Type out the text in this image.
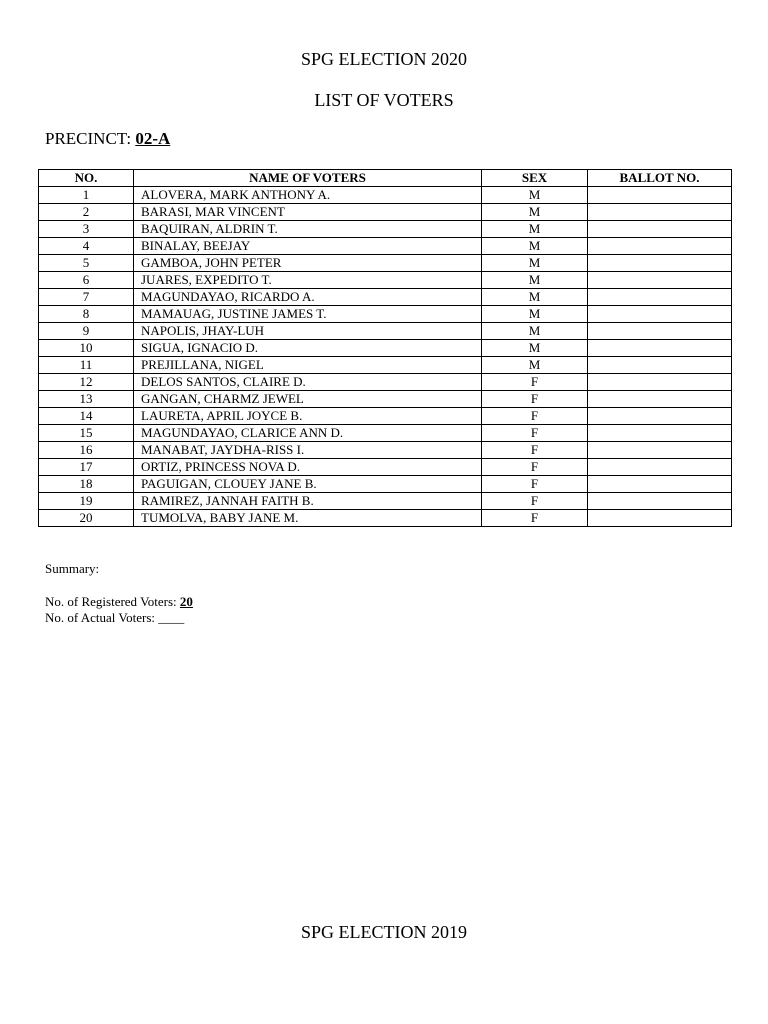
SPG ELECTION 2020
LIST OF VOTERS
PRECINCT: 02-A
NO.	NAME OF VOTERS	SEX	BALLOT NO.
1	ALOVERA, MARK ANTHONY A.	M	
2	BARASI, MAR VINCENT	M	
3	BAQUIRAN, ALDRIN T.	M	
4	BINALAY, BEEJAY	M	
5	GAMBOA, JOHN PETER	M	
6	JUARES, EXPEDITO T.	M	
7	MAGUNDAYAO, RICARDO A.	M	
8	MAMAUAG, JUSTINE JAMES T.	M	
9	NAPOLIS, JHAY-LUH	M	
10	SIGUA, IGNACIO D.	M	
11	PREJILLANA, NIGEL	M	
12	DELOS SANTOS, CLAIRE D.	F	
13	GANGAN, CHARMZ JEWEL	F	
14	LAURETA, APRIL JOYCE B.	F	
15	MAGUNDAYAO, CLARICE ANN D.	F	
16	MANABAT, JAYDHA-RISS I.	F	
17	ORTIZ, PRINCESS NOVA D.	F	
18	PAGUIGAN, CLOUEY JANE B.	F	
19	RAMIREZ, JANNAH FAITH B.	F	
20	TUMOLVA, BABY JANE M.	F	
Summary:
No. of Registered Voters: 20
No. of Actual Voters: ____
SPG ELECTION 2019
